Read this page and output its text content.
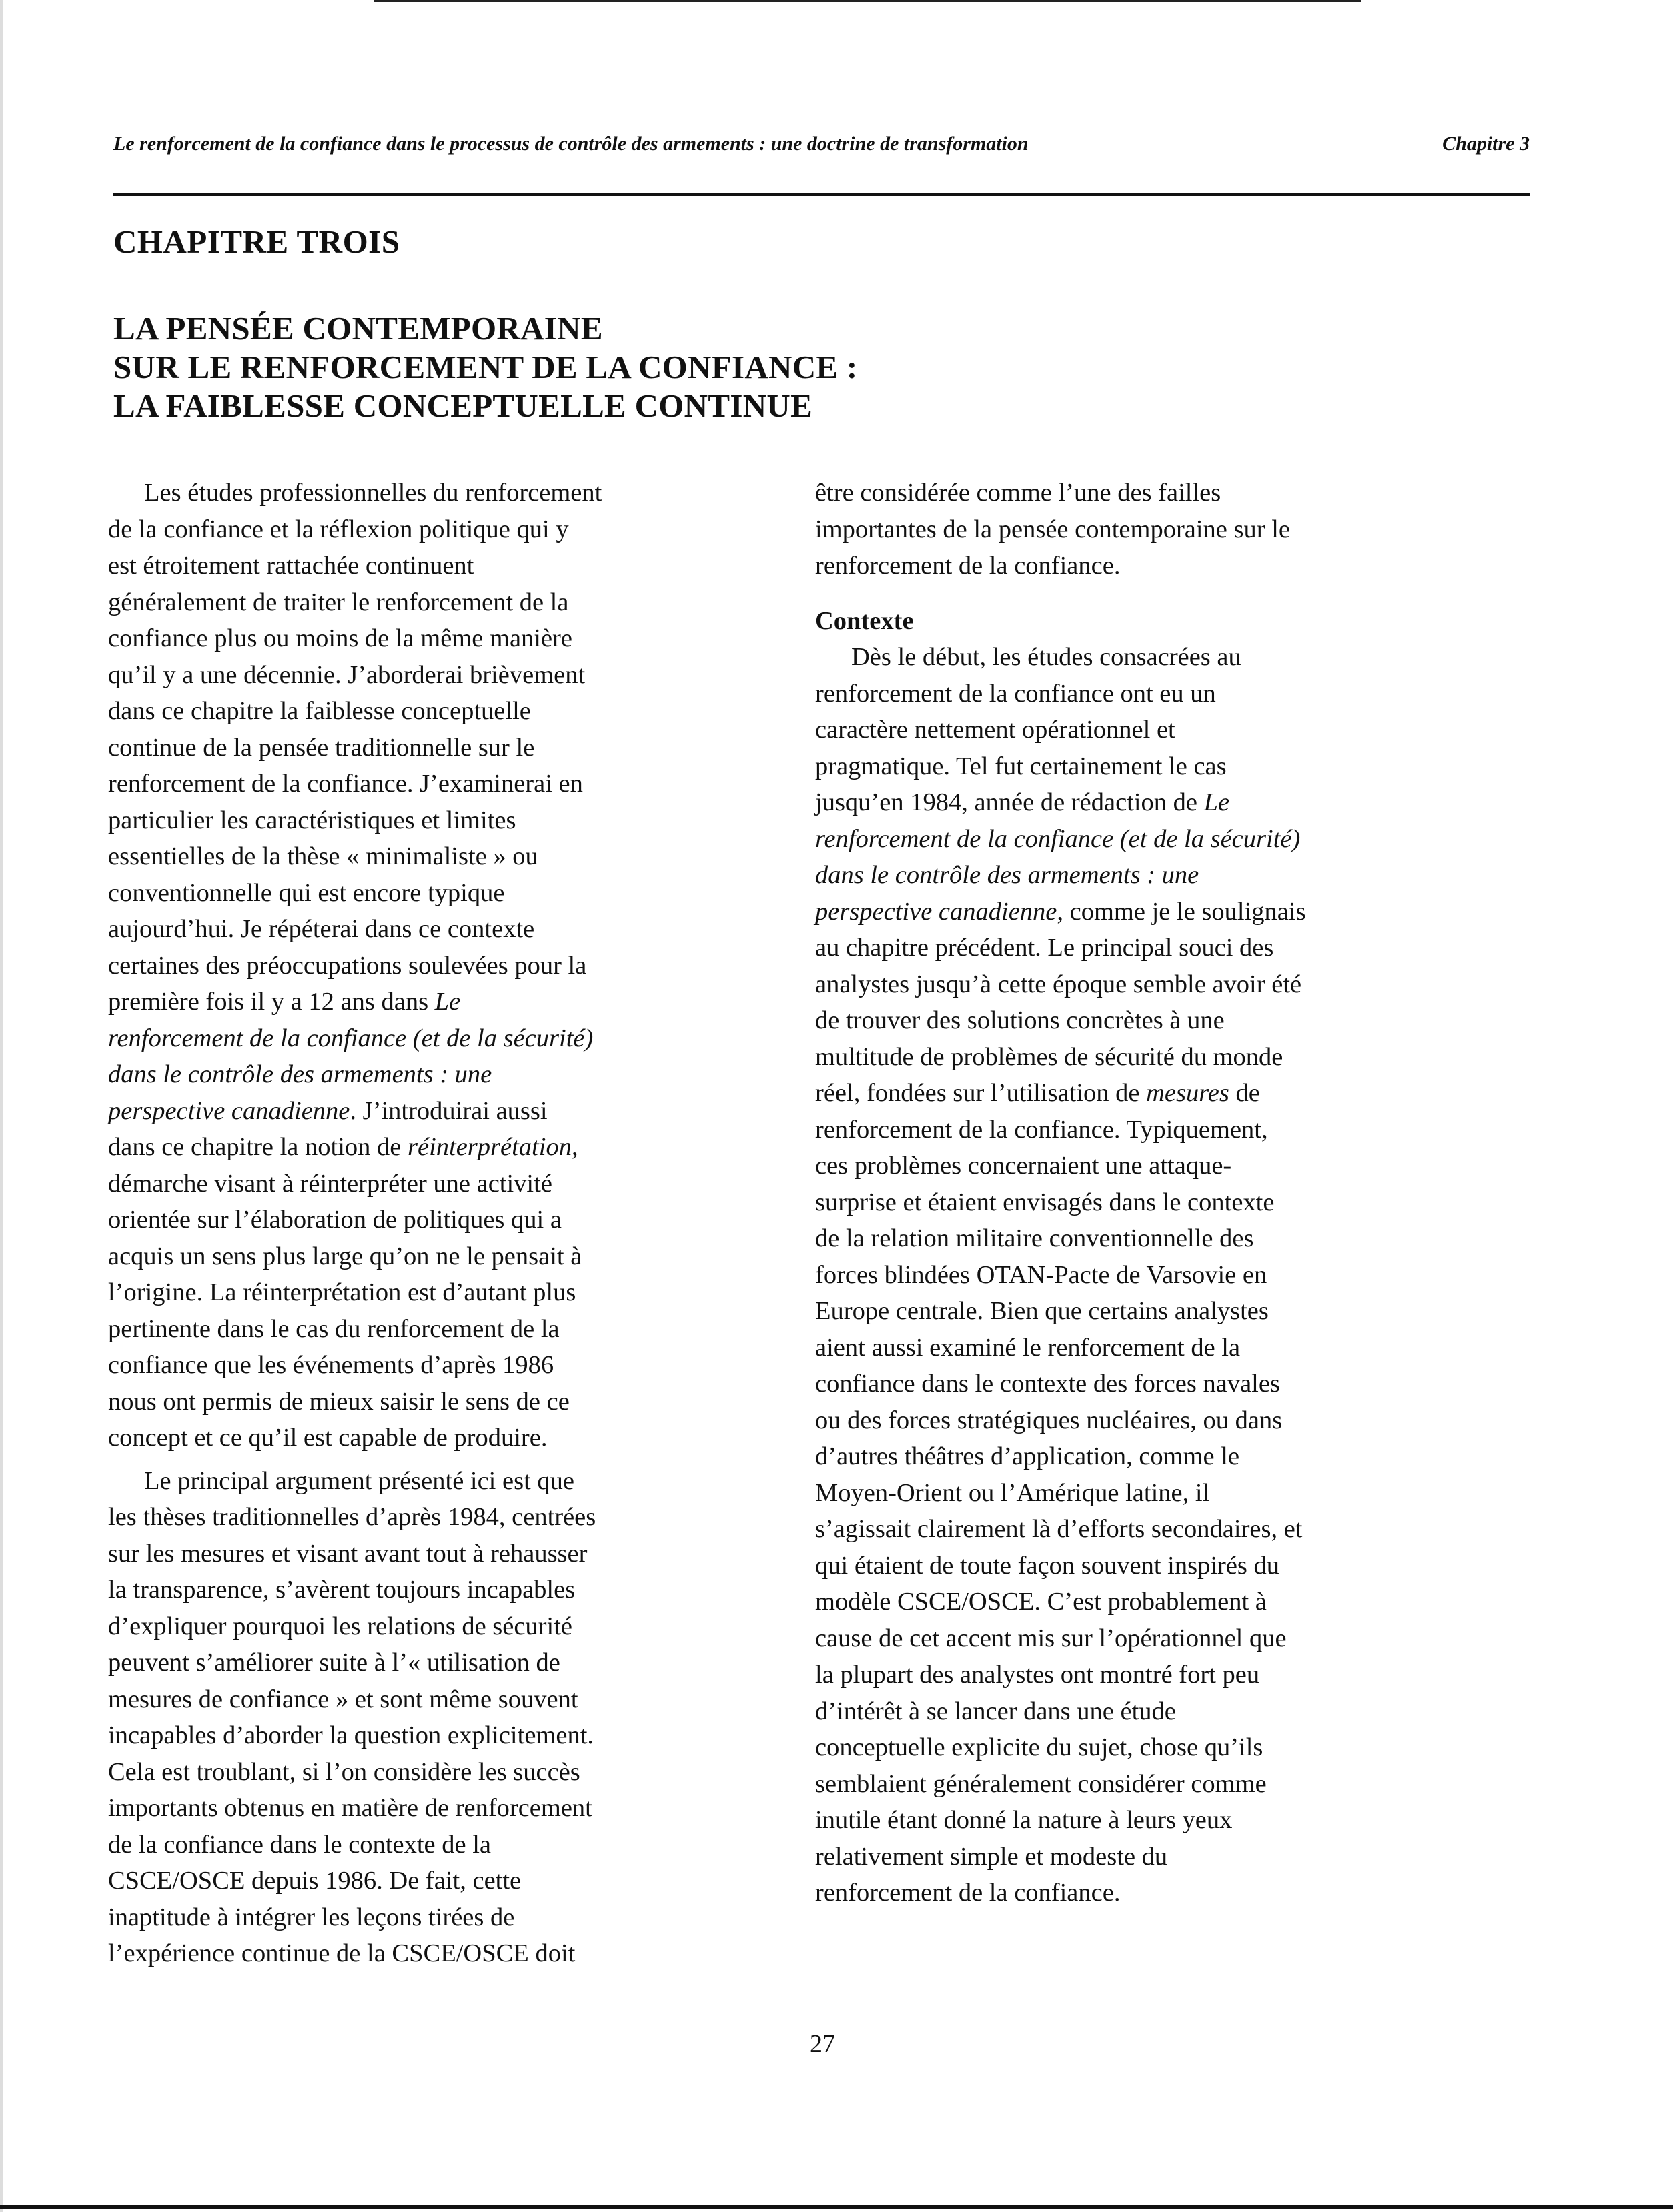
Le renforcement de la confiance dans le processus de contrôle des armements : une doctrine de transformation	Chapitre 3
CHAPITRE TROIS
LA PENSÉE CONTEMPORAINE
SUR LE RENFORCEMENT DE LA CONFIANCE :
LA FAIBLESSE CONCEPTUELLE CONTINUE

Les études professionnelles du renforcement
de la confiance et la réflexion politique qui y
est étroitement rattachée continuent
généralement de traiter le renforcement de la
confiance plus ou moins de la même manière
qu’il y a une décennie. J’aborderai brièvement
dans ce chapitre la faiblesse conceptuelle
continue de la pensée traditionnelle sur le
renforcement de la confiance. J’examinerai en
particulier les caractéristiques et limites
essentielles de la thèse « minimaliste » ou
conventionnelle qui est encore typique
aujourd’hui. Je répéterai dans ce contexte
certaines des préoccupations soulevées pour la
première fois il y a 12 ans dans Le
renforcement de la confiance (et de la sécurité)
dans le contrôle des armements : une
perspective canadienne. J’introduirai aussi
dans ce chapitre la notion de réinterprétation,
démarche visant à réinterpréter une activité
orientée sur l’élaboration de politiques qui a
acquis un sens plus large qu’on ne le pensait à
l’origine. La réinterprétation est d’autant plus
pertinente dans le cas du renforcement de la
confiance que les événements d’après 1986
nous ont permis de mieux saisir le sens de ce
concept et ce qu’il est capable de produire.

Le principal argument présenté ici est que
les thèses traditionnelles d’après 1984, centrées
sur les mesures et visant avant tout à rehausser
la transparence, s’avèrent toujours incapables
d’expliquer pourquoi les relations de sécurité
peuvent s’améliorer suite à l’« utilisation de
mesures de confiance » et sont même souvent
incapables d’aborder la question explicitement.
Cela est troublant, si l’on considère les succès
importants obtenus en matière de renforcement
de la confiance dans le contexte de la
CSCE/OSCE depuis 1986. De fait, cette
inaptitude à intégrer les leçons tirées de
l’expérience continue de la CSCE/OSCE doit

être considérée comme l’une des failles
importantes de la pensée contemporaine sur le
renforcement de la confiance.

Contexte

Dès le début, les études consacrées au
renforcement de la confiance ont eu un
caractère nettement opérationnel et
pragmatique. Tel fut certainement le cas
jusqu’en 1984, année de rédaction de Le
renforcement de la confiance (et de la sécurité)
dans le contrôle des armements : une
perspective canadienne, comme je le soulignais
au chapitre précédent. Le principal souci des
analystes jusqu’à cette époque semble avoir été
de trouver des solutions concrètes à une
multitude de problèmes de sécurité du monde
réel, fondées sur l’utilisation de mesures de
renforcement de la confiance. Typiquement,
ces problèmes concernaient une attaque-
surprise et étaient envisagés dans le contexte
de la relation militaire conventionnelle des
forces blindées OTAN-Pacte de Varsovie en
Europe centrale. Bien que certains analystes
aient aussi examiné le renforcement de la
confiance dans le contexte des forces navales
ou des forces stratégiques nucléaires, ou dans
d’autres théâtres d’application, comme le
Moyen-Orient ou l’Amérique latine, il
s’agissait clairement là d’efforts secondaires, et
qui étaient de toute façon souvent inspirés du
modèle CSCE/OSCE. C’est probablement à
cause de cet accent mis sur l’opérationnel que
la plupart des analystes ont montré fort peu
d’intérêt à se lancer dans une étude
conceptuelle explicite du sujet, chose qu’ils
semblaient généralement considérer comme
inutile étant donné la nature à leurs yeux
relativement simple et modeste du
renforcement de la confiance.

27
